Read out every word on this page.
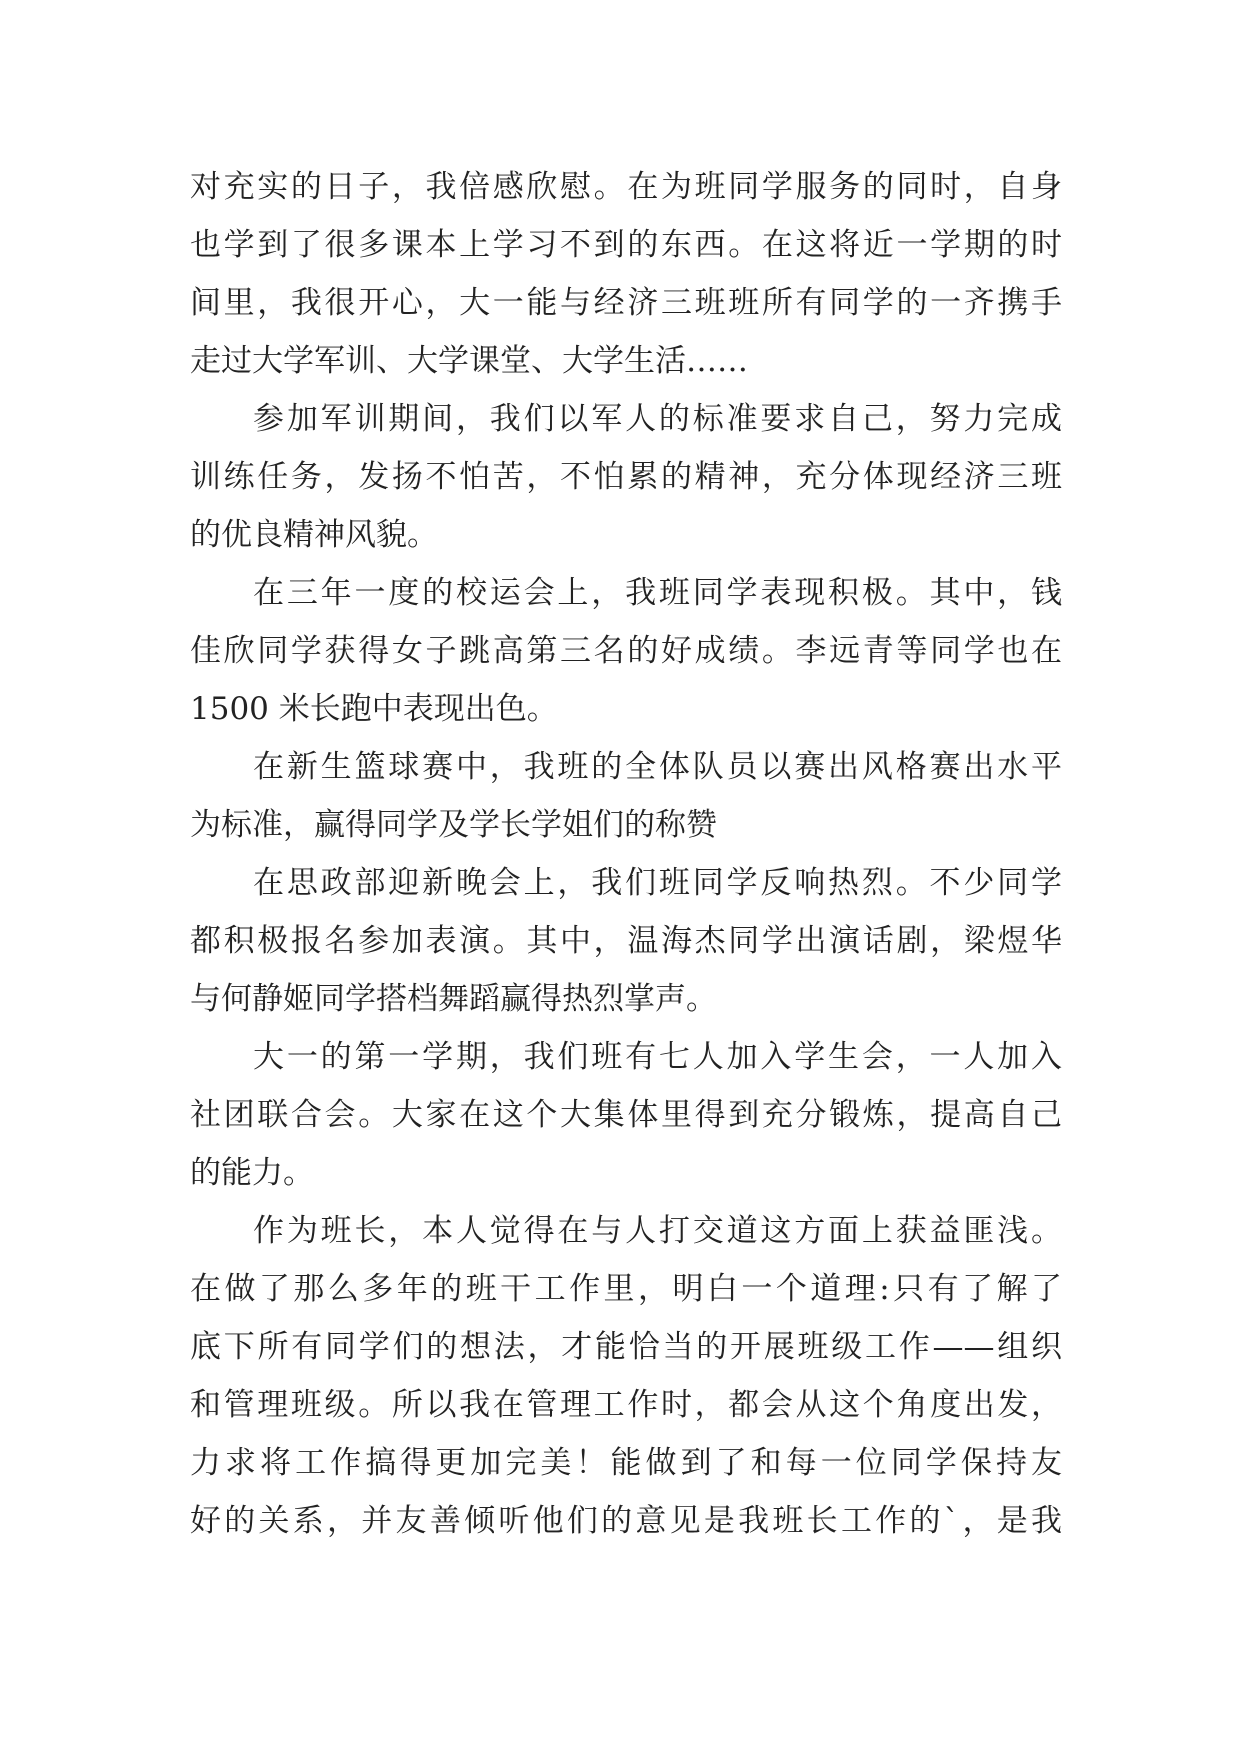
对充实的日子，我倍感欣慰。在为班同学服务的同时，自身
也学到了很多课本上学习不到的东西。在这将近一学期的时
间里，我很开心，大一能与经济三班班所有同学的一齐携手
走过大学军训、大学课堂、大学生活……
参加军训期间，我们以军人的标准要求自己，努力完成
训练任务，发扬不怕苦，不怕累的精神，充分体现经济三班
的优良精神风貌。
在三年一度的校运会上，我班同学表现积极。其中，钱
佳欣同学获得女子跳高第三名的好成绩。李远青等同学也在
1500 米长跑中表现出色。
在新生篮球赛中，我班的全体队员以赛出风格赛出水平
为标准，赢得同学及学长学姐们的称赞
在思政部迎新晚会上，我们班同学反响热烈。不少同学
都积极报名参加表演。其中，温海杰同学出演话剧，梁煜华
与何静姬同学搭档舞蹈赢得热烈掌声。
大一的第一学期，我们班有七人加入学生会，一人加入
社团联合会。大家在这个大集体里得到充分锻炼，提高自己
的能力。
作为班长，本人觉得在与人打交道这方面上获益匪浅。
在做了那么多年的班干工作里，明白一个道理:只有了解了
底下所有同学们的想法，才能恰当的开展班级工作——组织
和管理班级。所以我在管理工作时，都会从这个角度出发，
力求将工作搞得更加完美！能做到了和每一位同学保持友
好的关系，并友善倾听他们的意见是我班长工作的`，是我
